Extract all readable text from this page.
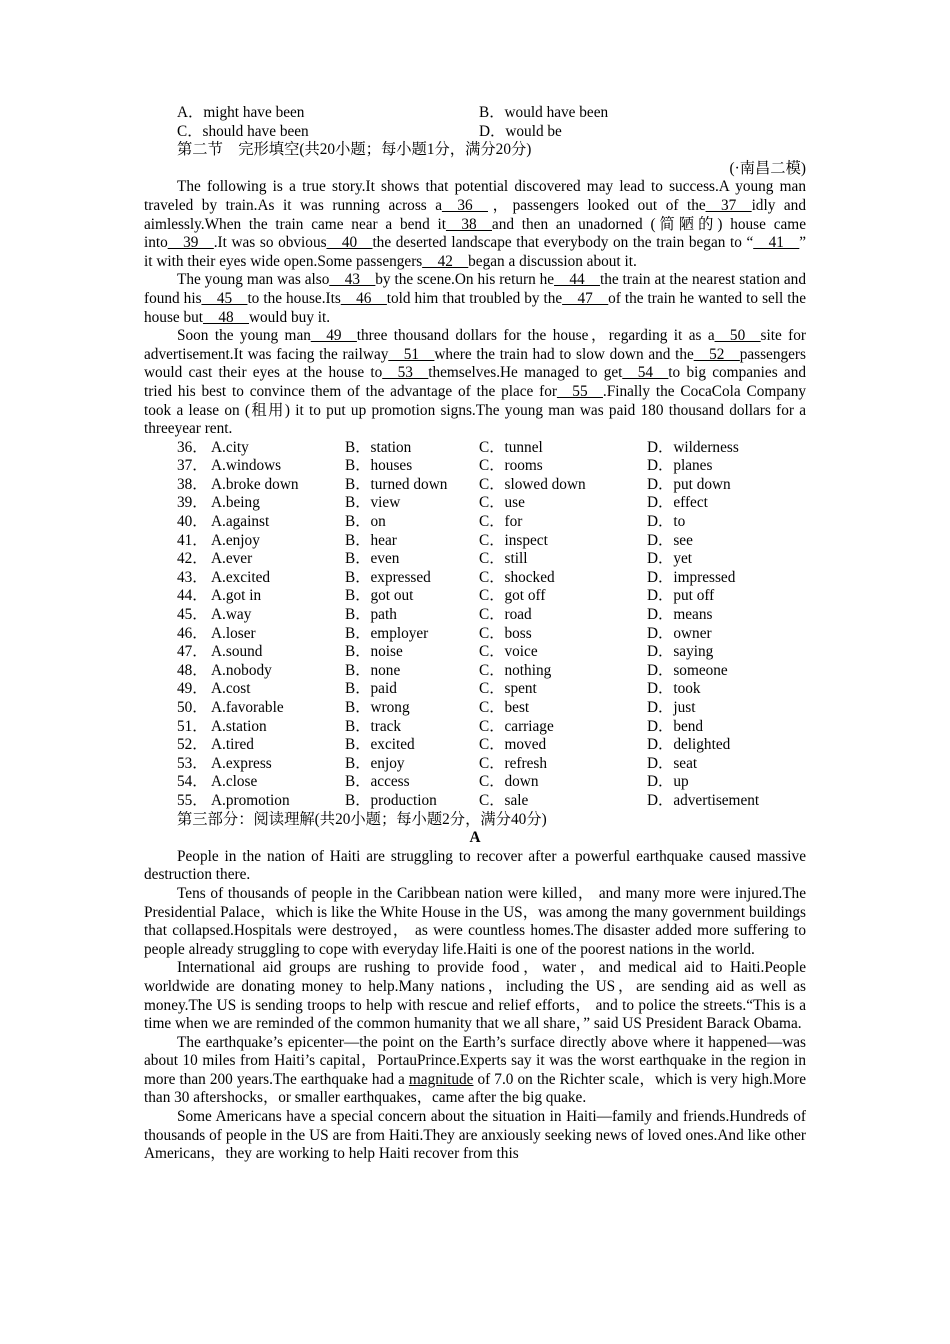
A．might have been	B．would have been
C．should have been	D．would be
第二节　完形填空(共20小题；每小题1分，满分20分)
(·南昌二模)

The following is a true story.It shows that potential discovered may lead to success.A young man traveled by train.As it was running across a__36__，passengers looked out of the__37__idly and aimlessly.When the train came near a bend it__38__and then an unadorned (简陋的) house came into__39__.It was so obvious__40__the deserted landscape that everybody on the train began to “__41__” it with their eyes wide open.Some passengers__42__began a discussion about it.

The young man was also__43__by the scene.On his return he__44__the train at the nearest station and found his__45__to the house.Its__46__told him that troubled by the__47__of the train he wanted to sell the house but__48__would buy it.

Soon the young man__49__three thousand dollars for the house，regarding it as a__50__site for advertisement.It was facing the railway__51__where the train had to slow down and the__52__passengers would cast their eyes at the house to__53__themselves.He managed to get__54__to big companies and tried his best to convince them of the advantage of the place for__55__.Finally the CocaCola Company took a lease on (租用) it to put up promotion signs.The young man was paid 180 thousand dollars for a threeyear rent.

36． A.city	B．station	C．tunnel	D．wilderness
37． A.windows	B．houses	C．rooms	D．planes
38． A.broke down	B．turned down	C．slowed down	D．put down
39． A.being	B．view	C．use	D．effect
40． A.against	B．on	C．for	D．to
41． A.enjoy	B．hear	C．inspect	D．see
42． A.ever	B．even	C．still	D．yet
43． A.excited	B．expressed	C．shocked	D．impressed
44． A.got in	B．got out	C．got off	D．put off
45． A.way	B．path	C．road	D．means
46． A.loser	B．employer	C．boss	D．owner
47． A.sound	B．noise	C．voice	D．saying
48． A.nobody	B．none	C．nothing	D．someone
49． A.cost	B．paid	C．spent	D．took
50． A.favorable	B．wrong	C．best	D．just
51． A.station	B．track	C．carriage	D．bend
52． A.tired	B．excited	C．moved	D．delighted
53． A.express	B．enjoy	C．refresh	D．seat
54． A.close	B．access	C．down	D．up
55． A.promotion	B．production	C．sale	D．advertisement
第三部分：阅读理解(共20小题；每小题2分，满分40分)
A

People in the nation of Haiti are struggling to recover after a powerful earthquake caused massive destruction there.

Tens of thousands of people in the Caribbean nation were killed， and many more were injured.The Presidential Palace，which is like the White House in the US，was among the many government buildings that collapsed.Hospitals were destroyed， as were countless homes.The disaster added more suffering to people already struggling to cope with everyday life.Haiti is one of the poorest nations in the world.

International aid groups are rushing to provide food，water，and medical aid to Haiti.People worldwide are donating money to help.Many nations，including the US，are sending aid as well as money.The US is sending troops to help with rescue and relief efforts， and to police the streets.“This is a time when we are reminded of the common humanity that we all share，” said US President Barack Obama.

The earthquake’s epicenter—the point on the Earth’s surface directly above where it happened—was about 10 miles from Haiti’s capital，PortauPrince.Experts say it was the worst earthquake in the region in more than 200 years.The earthquake had a magnitude of 7.0 on the Richter scale，which is very high.More than 30 aftershocks，or smaller earthquakes，came after the big quake.

Some Americans have a special concern about the situation in Haiti—family and friends.Hundreds of thousands of people in the US are from Haiti.They are anxiously seeking news of loved ones.And like other Americans，they are working to help Haiti recover from this
